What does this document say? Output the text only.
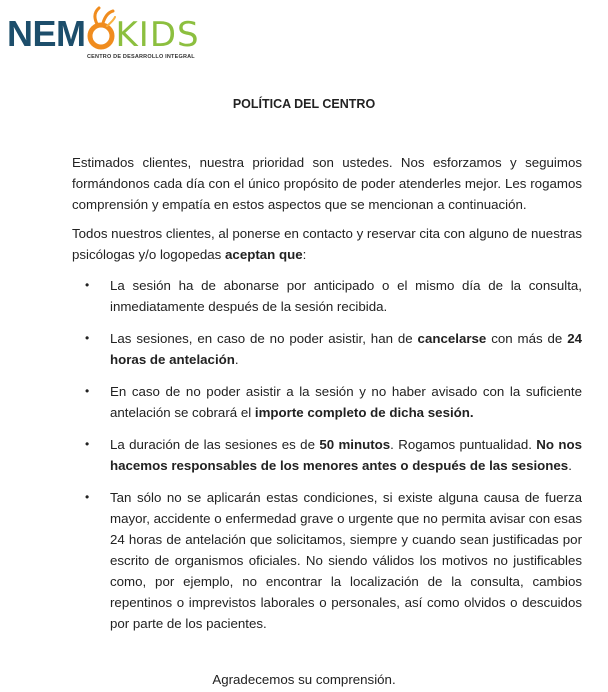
NEM KIDS
CENTRO DE DESARROLLO INTEGRAL
POLÍTICA DEL CENTRO

Estimados clientes, nuestra prioridad son ustedes. Nos esforzamos y seguimos formándonos cada día con el único propósito de poder atenderles mejor. Les rogamos comprensión y empatía en estos aspectos que se mencionan a continuación.

Todos nuestros clientes, al ponerse en contacto y reservar cita con alguno de nuestras psicólogas y/o logopedas aceptan que:

• La sesión ha de abonarse por anticipado o el mismo día de la consulta, inmediatamente después de la sesión recibida.
• Las sesiones, en caso de no poder asistir, han de cancelarse con más de 24 horas de antelación.
• En caso de no poder asistir a la sesión y no haber avisado con la suficiente antelación se cobrará el importe completo de dicha sesión.
• La duración de las sesiones es de 50 minutos. Rogamos puntualidad. No nos hacemos responsables de los menores antes o después de las sesiones.
• Tan sólo no se aplicarán estas condiciones, si existe alguna causa de fuerza mayor, accidente o enfermedad grave o urgente que no permita avisar con esas 24 horas de antelación que solicitamos, siempre y cuando sean justificadas por escrito de organismos oficiales. No siendo válidos los motivos no justificables como, por ejemplo, no encontrar la localización de la consulta, cambios repentinos o imprevistos laborales o personales, así como olvidos o descuidos por parte de los pacientes.
Agradecemos su comprensión.
